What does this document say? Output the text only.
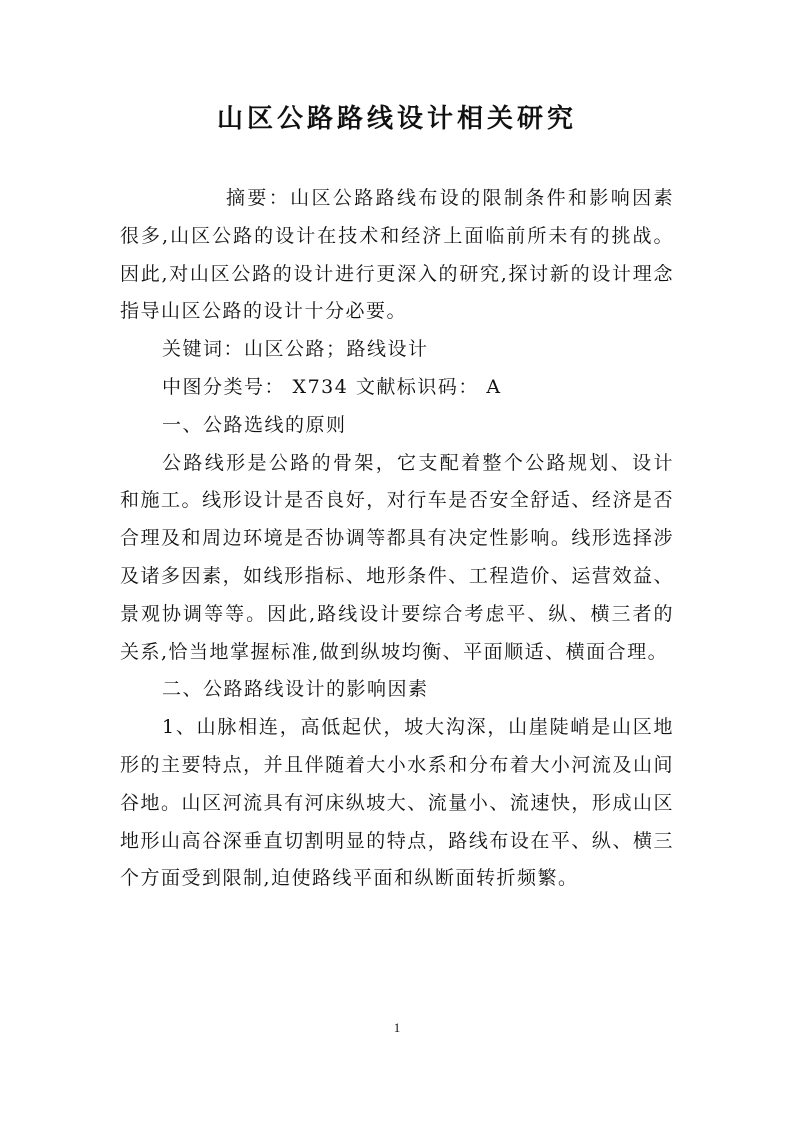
山区公路路线设计相关研究

摘要：山区公路路线布设的限制条件和影响因素很多,山区公路的设计在技术和经济上面临前所未有的挑战。因此,对山区公路的设计进行更深入的研究,探讨新的设计理念指导山区公路的设计十分必要。

关键词：山区公路；路线设计

中图分类号： X734 文献标识码： A

一、公路选线的原则

公路线形是公路的骨架，它支配着整个公路规划、设计和施工。线形设计是否良好，对行车是否安全舒适、经济是否合理及和周边环境是否协调等都具有决定性影响。线形选择涉及诸多因素，如线形指标、地形条件、工程造价、运营效益、景观协调等等。因此,路线设计要综合考虑平、纵、横三者的关系,恰当地掌握标准,做到纵坡均衡、平面顺适、横面合理。

二、公路路线设计的影响因素

1、山脉相连，高低起伏，坡大沟深，山崖陡峭是山区地形的主要特点，并且伴随着大小水系和分布着大小河流及山间谷地。山区河流具有河床纵坡大、流量小、流速快，形成山区地形山高谷深垂直切割明显的特点，路线布设在平、纵、横三个方面受到限制,迫使路线平面和纵断面转折频繁。

1
